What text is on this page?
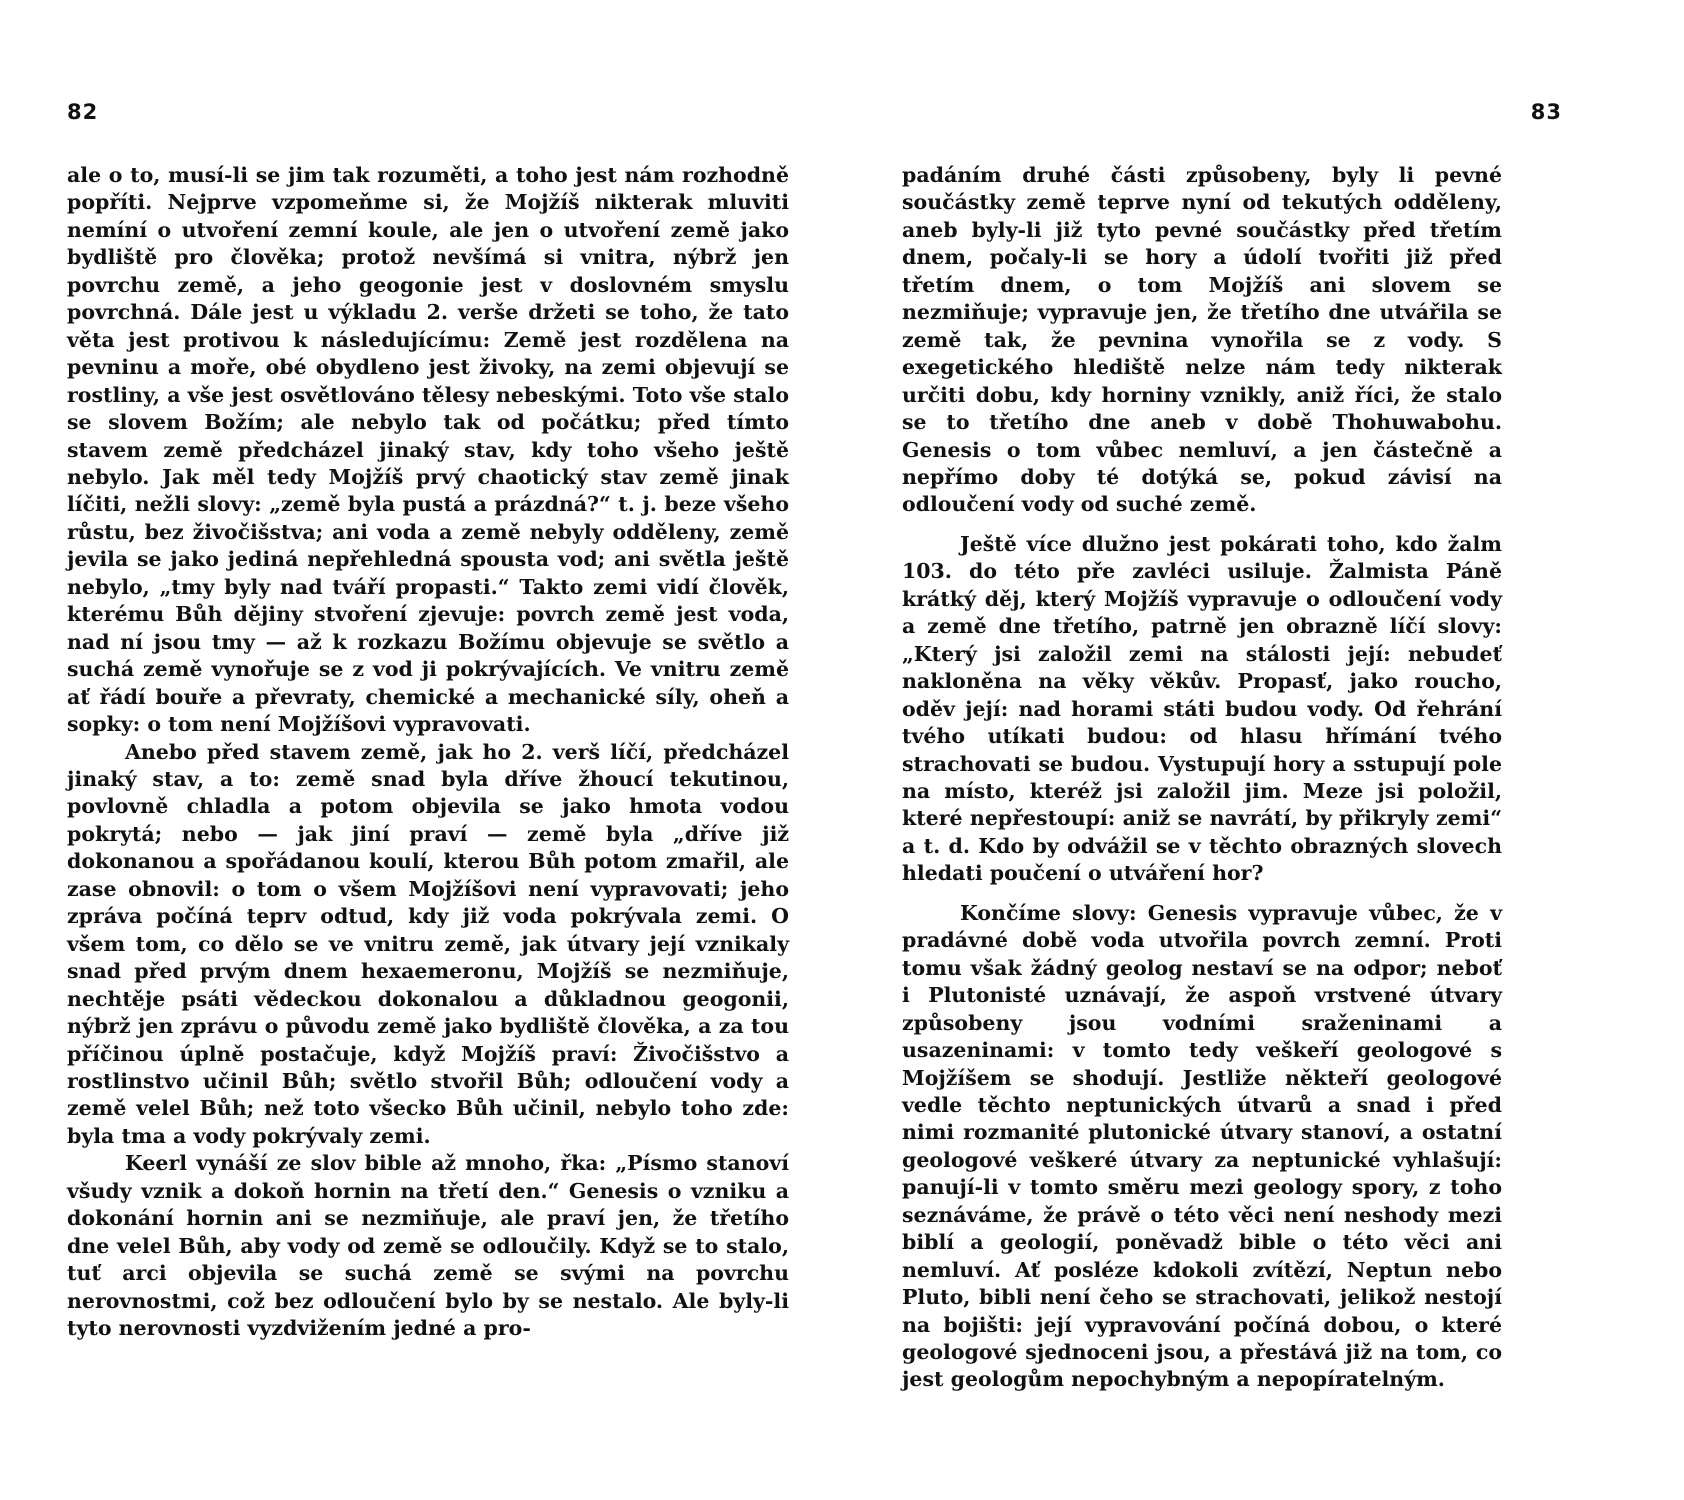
82

ale o to, musí-li se jim tak rozuměti, a toho jest nám rozhodně popříti. Nejprve vzpomeňme si, že Mojžíš nikterak mluviti nemíní o utvoření zemní koule, ale jen o utvoření země jako bydliště pro člověka; protož nevšímá si vnitra, nýbrž jen povrchu země, a jeho geogonie jest v doslovném smyslu povrchná. Dále jest u výkladu 2. verše držeti se toho, že tato věta jest protivou k následujícímu: Země jest rozdělena na pevninu a moře, obé obydleno jest živoky, na zemi objevují se rostliny, a vše jest osvětlováno tělesy nebeskými. Toto vše stalo se slovem Božím; ale nebylo tak od počátku; před tímto stavem země předcházel jinaký stav, kdy toho všeho ještě nebylo. Jak měl tedy Mojžíš prvý chaotický stav země jinak líčiti, nežli slovy: „země byla pustá a prázdná?“ t. j. beze všeho růstu, bez živočišstva; ani voda a země nebyly odděleny, země jevila se jako jediná nepřehledná spousta vod; ani světla ještě nebylo, „tmy byly nad tváří propasti.“ Takto zemi vidí člověk, kterému Bůh dějiny stvoření zjevuje: povrch země jest voda, nad ní jsou tmy — až k rozkazu Božímu objevuje se světlo a suchá země vynořuje se z vod ji pokrývajících. Ve vnitru země ať řádí bouře a převraty, chemické a mechanické síly, oheň a sopky: o tom není Mojžíšovi vypravovati.

Anebo před stavem země, jak ho 2. verš líčí, předcházel jinaký stav, a to: země snad byla dříve žhoucí tekutinou, povlovně chladla a potom objevila se jako hmota vodou pokrytá; nebo — jak jiní praví — země byla „dříve již dokonanou a spořádanou koulí, kterou Bůh potom zmařil, ale zase obnovil: o tom o všem Mojžíšovi není vypravovati; jeho zpráva počíná teprv odtud, kdy již voda pokrývala zemi. O všem tom, co dělo se ve vnitru země, jak útvary její vznikaly snad před prvým dnem hexaemeronu, Mojžíš se nezmiňuje, nechtěje psáti vědeckou dokonalou a důkladnou geogonii, nýbrž jen zprávu o původu země jako bydliště člověka, a za tou příčinou úplně postačuje, když Mojžíš praví: Živočišstvo a rostlinstvo učinil Bůh; světlo stvořil Bůh; odloučení vody a země velel Bůh; než toto všecko Bůh učinil, nebylo toho zde: byla tma a vody pokrývaly zemi.

Keerl vynáší ze slov bible až mnoho, řka: „Písmo stanoví všudy vznik a dokoň hornin na třetí den.“ Genesis o vzniku a dokonání hornin ani se nezmiňuje, ale praví jen, že třetího dne velel Bůh, aby vody od země se odloučily. Když se to stalo, tuť arci objevila se suchá země se svými na povrchu nerovnostmi, což bez odloučení bylo by se nestalo. Ale byly-li tyto nerovnosti vyzdvižením jedné a pro-

83

padáním druhé části způsobeny, byly li pevné součástky země teprve nyní od tekutých odděleny, aneb byly-li již tyto pevné součástky před třetím dnem, počaly-li se hory a údolí tvořiti již před třetím dnem, o tom Mojžíš ani slovem se nezmiňuje; vypravuje jen, že třetího dne utvářila se země tak, že pevnina vynořila se z vody. S exegetického hlediště nelze nám tedy nikterak určiti dobu, kdy horniny vznikly, aniž říci, že stalo se to třetího dne aneb v době Thohuwabohu. Genesis o tom vůbec nemluví, a jen částečně a nepřímo doby té dotýká se, pokud závisí na odloučení vody od suché země.

Ještě více dlužno jest pokárati toho, kdo žalm 103. do této pře zavléci usiluje. Žalmista Páně krátký děj, který Mojžíš vypravuje o odloučení vody a země dne třetího, patrně jen obrazně líčí slovy: „Který jsi založil zemi na stálosti její: nebudeť nakloněna na věky věkův. Propasť, jako roucho, oděv její: nad horami státi budou vody. Od řehrání tvého utíkati budou: od hlasu hřímání tvého strachovati se budou. Vystupují hory a sstupují pole na místo, kteréž jsi založil jim. Meze jsi položil, které nepřestoupí: aniž se navrátí, by přikryly zemi“ a t. d. Kdo by odvážil se v těchto obrazných slovech hledati poučení o utváření hor?

Končíme slovy: Genesis vypravuje vůbec, že v pradávné době voda utvořila povrch zemní. Proti tomu však žádný geolog nestaví se na odpor; neboť i Plutonisté uznávají, že aspoň vrstvené útvary způsobeny jsou vodními sraženinami a usazeninami: v tomto tedy veškeří geologové s Mojžíšem se shodují. Jestliže někteří geologové vedle těchto neptunických útvarů a snad i před nimi rozmanité plutonické útvary stanoví, a ostatní geologové veškeré útvary za neptunické vyhlašují: panují-li v tomto směru mezi geology spory, z toho seznáváme, že právě o této věci není neshody mezi biblí a geologií, poněvadž bible o této věci ani nemluví. Ať posléze kdokoli zvítězí, Neptun nebo Pluto, bibli není čeho se strachovati, jelikož nestojí na bojišti: její vypravování počíná dobou, o které geologové sjednoceni jsou, a přestává již na tom, co jest geologům nepochybným a nepopíratelným.
